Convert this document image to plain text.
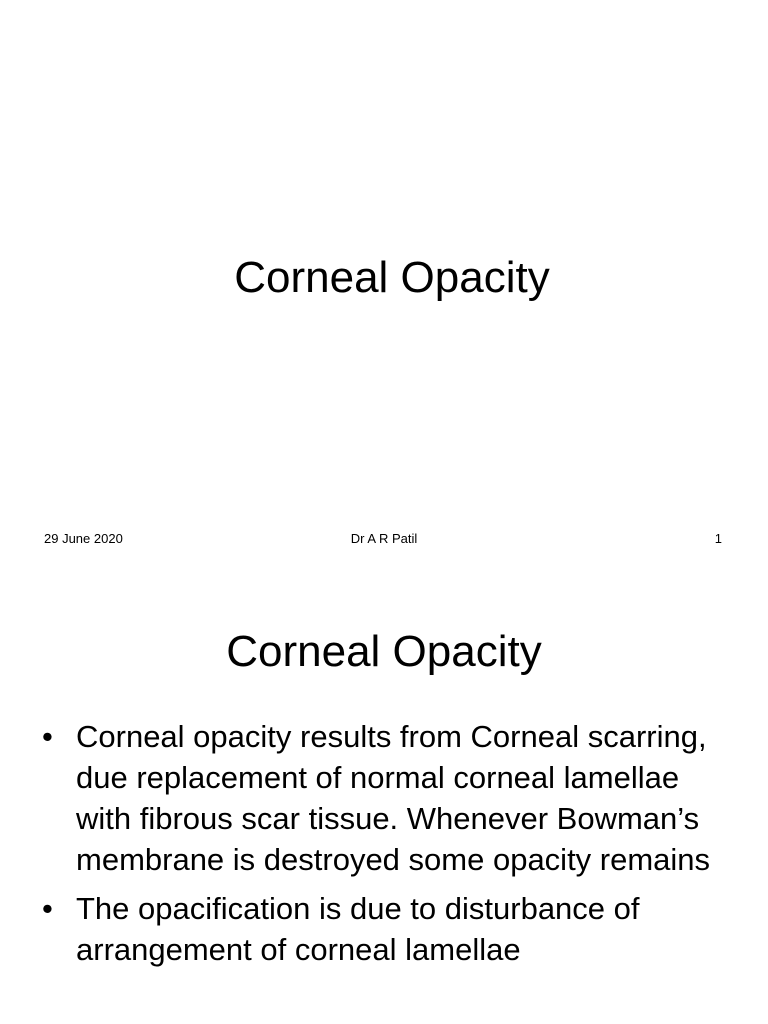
Corneal Opacity
29 June 2020	Dr A R Patil	1
Corneal Opacity
• Corneal opacity results from Corneal scarring, due replacement of normal corneal lamellae with fibrous scar tissue. Whenever Bowman’s membrane is destroyed some opacity remains
• The opacification is due to disturbance of arrangement of corneal lamellae
